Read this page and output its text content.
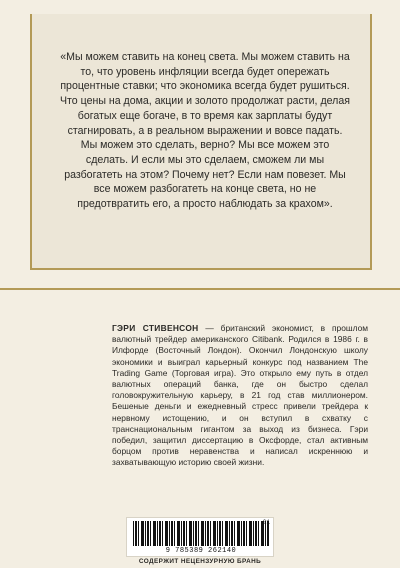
«Мы можем ставить на конец света. Мы можем ставить на то, что уровень инфляции всегда будет опережать процентные ставки; что экономика всегда будет рушиться. Что цены на дома, акции и золото продолжат расти, делая богатых еще богаче, в то время как зарплаты будут стагнировать, а в реальном выражении и вовсе падать. Мы можем это сделать, верно? Мы все можем это сделать. И если мы это сделаем, сможем ли мы разбогатеть на этом? Почему нет? Если нам повезет. Мы все можем разбогатеть на конце света, но не предотвратить его, а просто наблюдать за крахом».

ГЭРИ СТИВЕНСОН — британский экономист, в прошлом валютный трейдер американского Citibank. Родился в 1986 г. в Илфорде (Восточный Лондон). Окончил Лондонскую школу экономики и выиграл карьерный конкурс под названием The Trading Game (Торговая игра). Это открыло ему путь в отдел валютных операций банка, где он быстро сделал головокружительную карьеру, в 21 год став миллионером. Бешеные деньги и ежедневный стресс привели трейдера к нервному истощению, и он вступил в схватку с транснациональным гигантом за выход из бизнеса. Гэри победил, защитил диссертацию в Оксфорде, стал активным борцом против неравенства и написал искреннюю и захватывающую историю своей жизни.

01
9 785389 262140
СОДЕРЖИТ НЕЦЕНЗУРНУЮ БРАНЬ
